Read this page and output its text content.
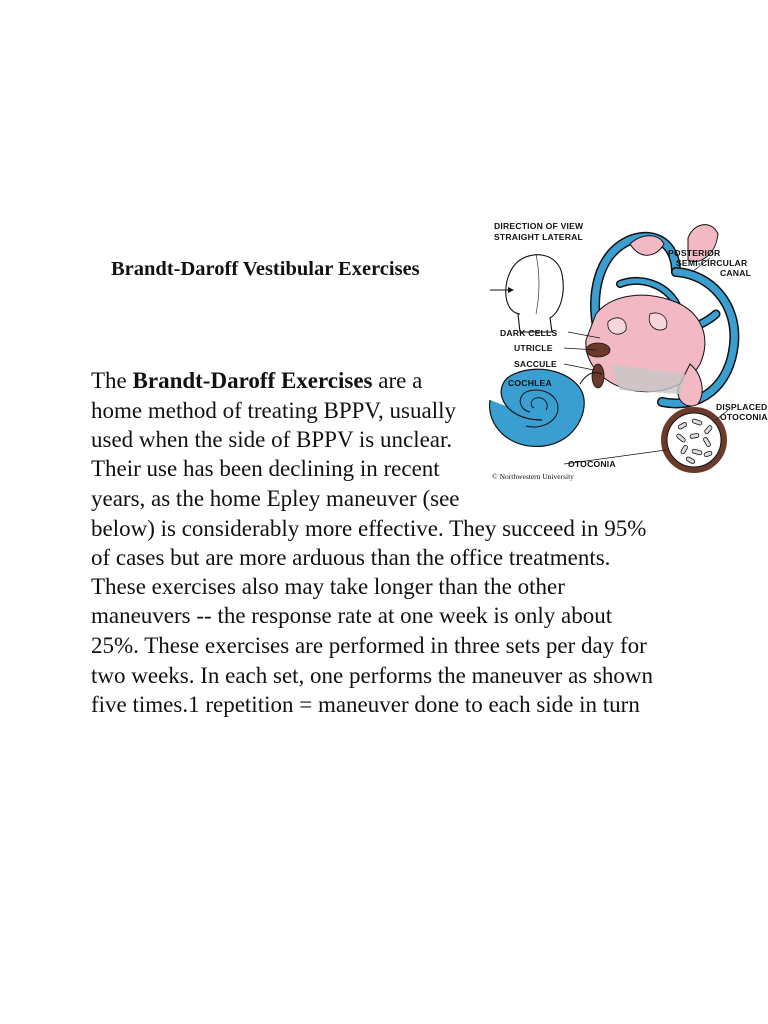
Brandt-Daroff Vestibular Exercises
DIRECTION OF VIEW
STRAIGHT LATERAL
POSTERIOR
SEMI-CIRCULAR
CANAL
DARK CELLS
UTRICLE
SACCULE
COCHLEA
DISPLACED
OTOCONIA
OTOCONIA
© Northwestern University

The Brandt-Daroff Exercises are a

home method of treating BPPV, usually

used when the side of BPPV is unclear.

Their use has been declining in recent

years, as the home Epley maneuver (see

below) is considerably more effective. They succeed in 95%

of cases but are more arduous than the office treatments.

These exercises also may take longer than the other

maneuvers -- the response rate at one week is only about

25%. These exercises are performed in three sets per day for

two weeks. In each set, one performs the maneuver as shown

five times.1 repetition = maneuver done to each side in turn
